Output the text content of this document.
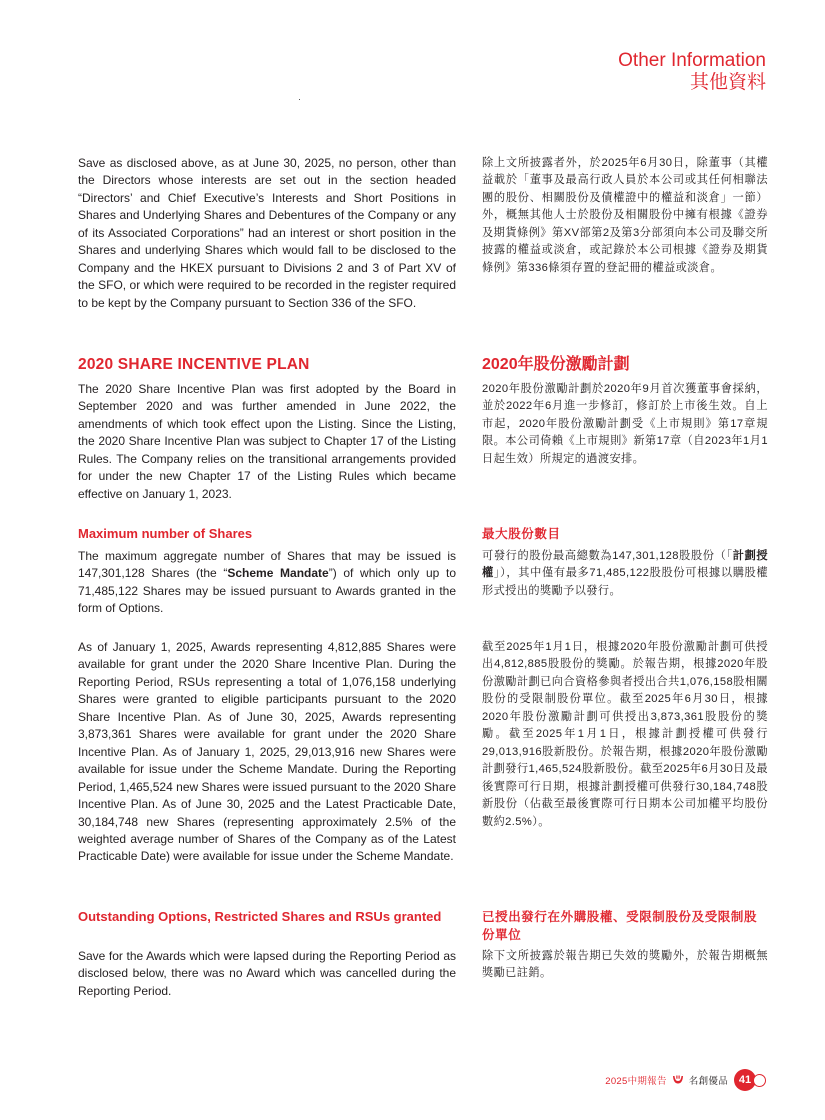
Other Information
其他資料

Save as disclosed above, as at June 30, 2025, no person, other than the Directors whose interests are set out in the section headed “Directors’ and Chief Executive’s Interests and Short Positions in Shares and Underlying Shares and Debentures of the Company or any of its Associated Corporations” had an interest or short position in the Shares and underlying Shares which would fall to be disclosed to the Company and the HKEX pursuant to Divisions 2 and 3 of Part XV of the SFO, or which were required to be recorded in the register required to be kept by the Company pursuant to Section 336 of the SFO.

除上文所披露者外，於2025年6月30日，除董事（其權益載於「董事及最高行政人員於本公司或其任何相聯法團的股份、相關股份及債權證中的權益和淡倉」一節）外，概無其他人士於股份及相關股份中擁有根據《證券及期貨條例》第XV部第2及第3分部須向本公司及聯交所披露的權益或淡倉，或記錄於本公司根據《證券及期貨條例》第336條須存置的登記冊的權益或淡倉。

2020 SHARE INCENTIVE PLAN	2020年股份激勵計劃

The 2020 Share Incentive Plan was first adopted by the Board in September 2020 and was further amended in June 2022, the amendments of which took effect upon the Listing. Since the Listing, the 2020 Share Incentive Plan was subject to Chapter 17 of the Listing Rules. The Company relies on the transitional arrangements provided for under the new Chapter 17 of the Listing Rules which became effective on January 1, 2023.

2020年股份激勵計劃於2020年9月首次獲董事會採納，並於2022年6月進一步修訂，修訂於上市後生效。自上市起，2020年股份激勵計劃受《上市規則》第17章規限。本公司倚賴《上市規則》新第17章（自2023年1月1日起生效）所規定的過渡安排。

Maximum number of Shares	最大股份數目

The maximum aggregate number of Shares that may be issued is 147,301,128 Shares (the “Scheme Mandate”) of which only up to 71,485,122 Shares may be issued pursuant to Awards granted in the form of Options.

可發行的股份最高總數為147,301,128股股份（「計劃授權」），其中僅有最多71,485,122股股份可根據以購股權形式授出的獎勵予以發行。

As of January 1, 2025, Awards representing 4,812,885 Shares were available for grant under the 2020 Share Incentive Plan. During the Reporting Period, RSUs representing a total of 1,076,158 underlying Shares were granted to eligible participants pursuant to the 2020 Share Incentive Plan. As of June 30, 2025, Awards representing 3,873,361 Shares were available for grant under the 2020 Share Incentive Plan. As of January 1, 2025, 29,013,916 new Shares were available for issue under the Scheme Mandate. During the Reporting Period, 1,465,524 new Shares were issued pursuant to the 2020 Share Incentive Plan. As of June 30, 2025 and the Latest Practicable Date, 30,184,748 new Shares (representing approximately 2.5% of the weighted average number of Shares of the Company as of the Latest Practicable Date) were available for issue under the Scheme Mandate.

截至2025年1月1日，根據2020年股份激勵計劃可供授出4,812,885股股份的獎勵。於報告期，根據2020年股份激勵計劃已向合資格參與者授出合共1,076,158股相關股份的受限制股份單位。截至2025年6月30日，根據2020年股份激勵計劃可供授出3,873,361股股份的獎勵。截至2025年1月1日，根據計劃授權可供發行29,013,916股新股份。於報告期，根據2020年股份激勵計劃發行1,465,524股新股份。截至2025年6月30日及最後實際可行日期，根據計劃授權可供發行30,184,748股新股份（佔截至最後實際可行日期本公司加權平均股份數約2.5%）。

Outstanding Options, Restricted Shares and RSUs granted	已授出發行在外購股權、受限制股份及受限制股份單位

Save for the Awards which were lapsed during the Reporting Period as disclosed below, there was no Award which was cancelled during the Reporting Period.

除下文所披露於報告期已失效的獎勵外，於報告期概無獎勵已註銷。

2025中期報告 名創優品 41
